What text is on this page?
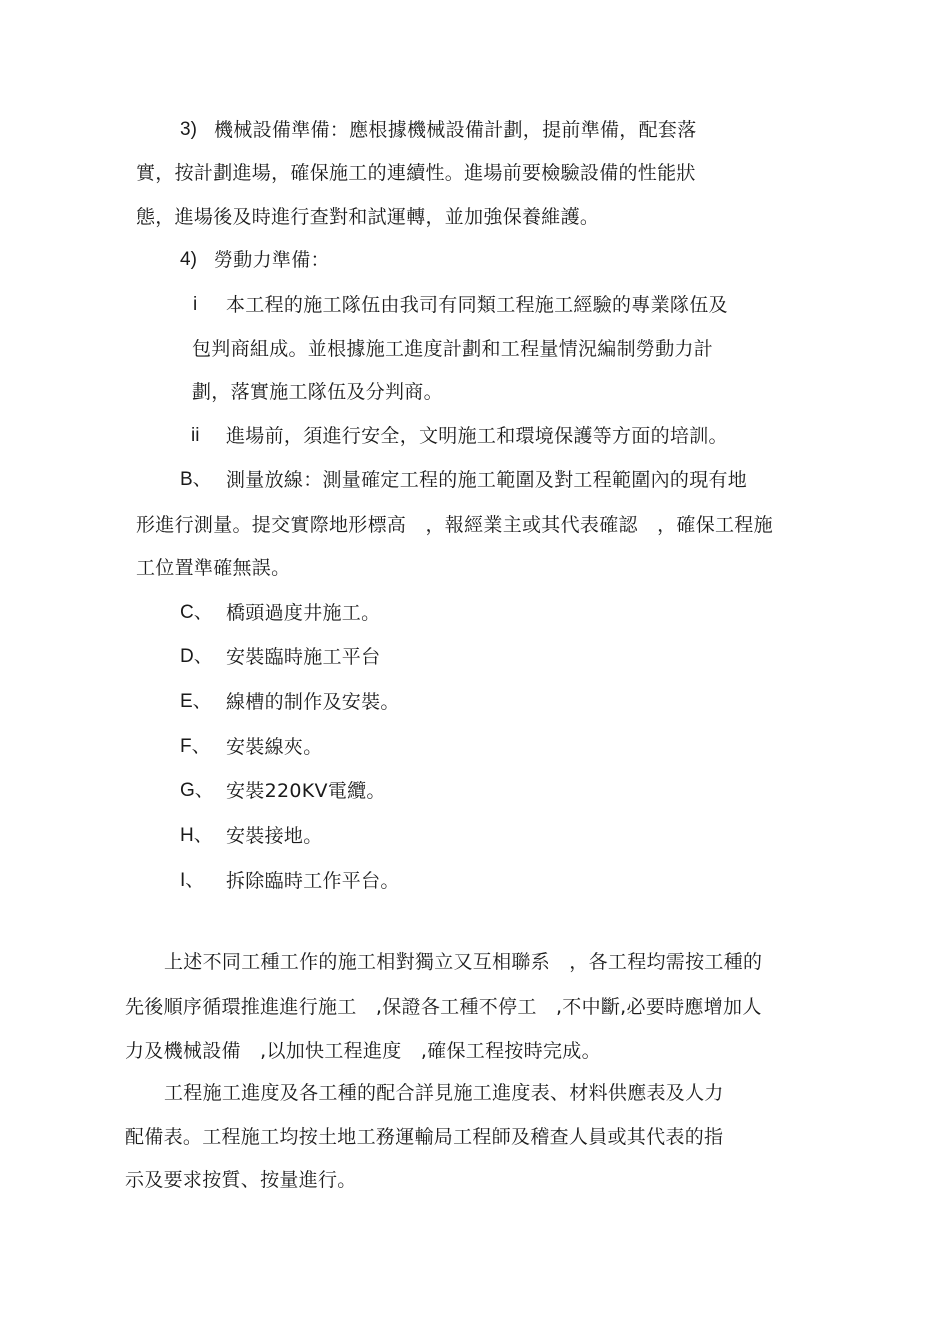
3) 機械設備準備：應根據機械設備計劃，提前準備，配套落
實，按計劃進場，確保施工的連續性。進場前要檢驗設備的性能狀
態，進場後及時進行查對和試運轉，並加強保養維護。
4) 勞動力準備：
i 本工程的施工隊伍由我司有同類工程施工經驗的專業隊伍及
包判商組成。並根據施工進度計劃和工程量情況編制勞動力計
劃，落實施工隊伍及分判商。
ii 進場前，須進行安全，文明施工和環境保護等方面的培訓。
B、 測量放線：測量確定工程的施工範圍及對工程範圍內的現有地
形進行測量。提交實際地形標高　，報經業主或其代表確認　，確保工程施
工位置準確無誤。
C、 橋頭過度井施工。
D、 安裝臨時施工平台
E、 線槽的制作及安裝。
F、 安裝線夾。
G、 安裝220KV電纜。
H、 安裝接地。
I、 拆除臨時工作平台。
上述不同工種工作的施工相對獨立又互相聯系　，各工程均需按工種的
先後順序循環推進進行施工　,保證各工種不停工　,不中斷,必要時應增加人
力及機械設備　,以加快工程進度　,確保工程按時完成。
工程施工進度及各工種的配合詳見施工進度表、材料供應表及人力
配備表。工程施工均按土地工務運輸局工程師及稽查人員或其代表的指
示及要求按質、按量進行。
